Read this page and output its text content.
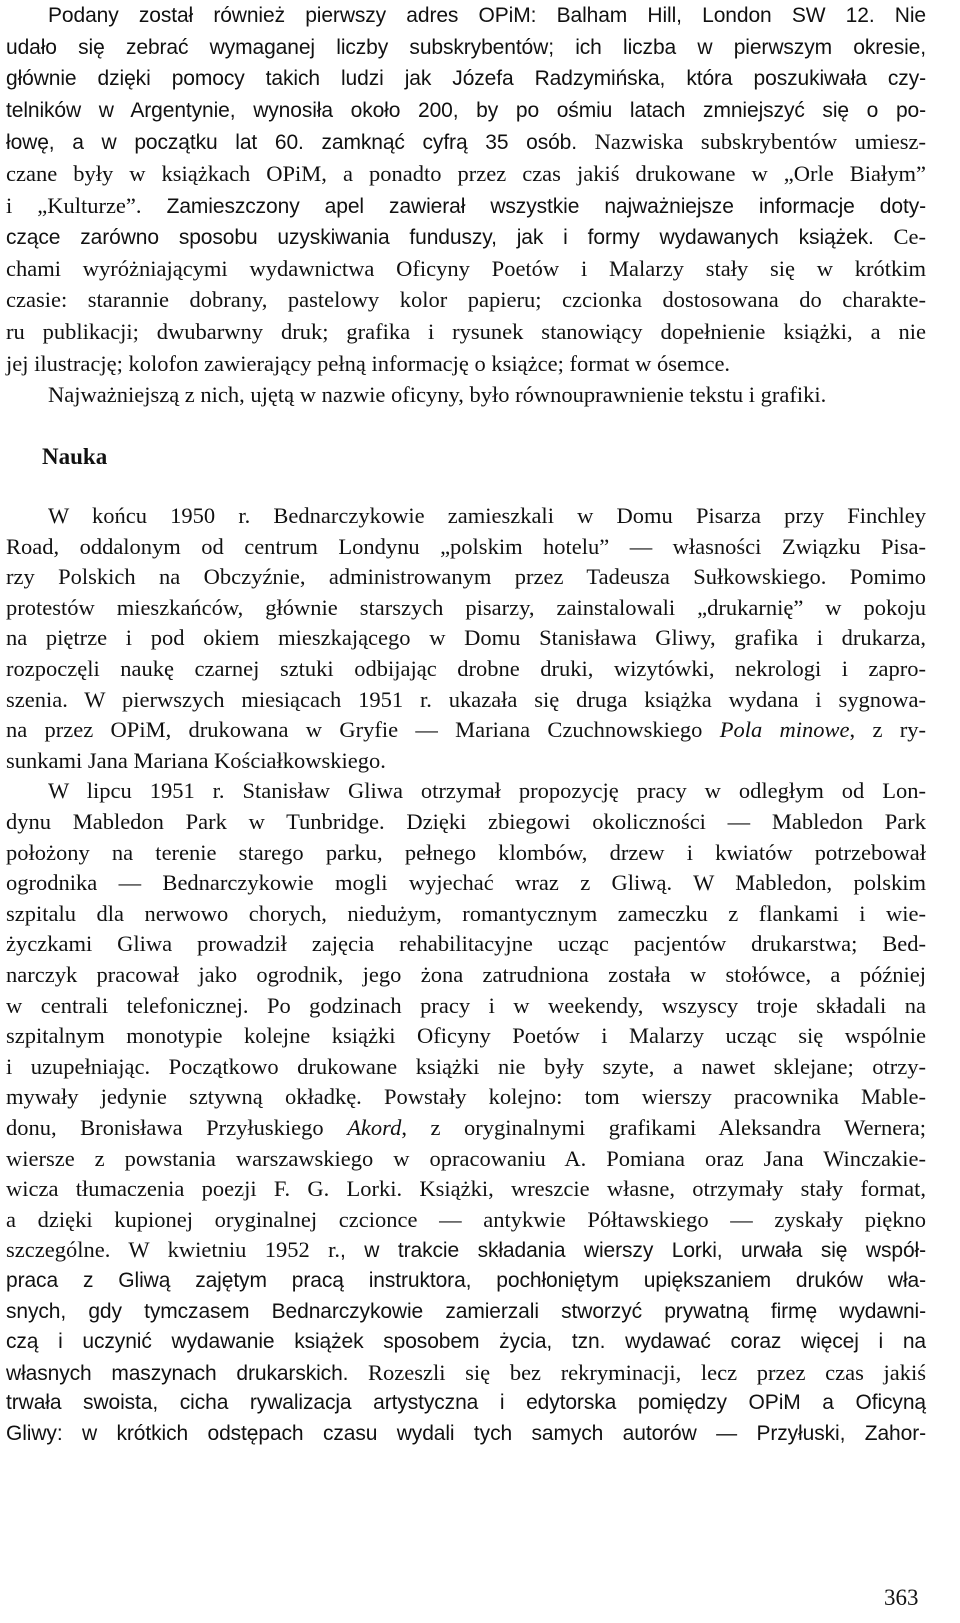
Podany został również pierwszy adres OPiM: Balham Hill, London SW 12. Nie
udało się zebrać wymaganej liczby subskrybentów; ich liczba w pierwszym okresie,
głównie dzięki pomocy takich ludzi jak Józefa Radzymińska, która poszukiwała czy-
telników w Argentynie, wynosiła około 200, by po ośmiu latach zmniejszyć się o po-
łowę, a w początku lat 60. zamknąć cyfrą 35 osób. Nazwiska subskrybentów umiesz-
czane były w książkach OPiM, a ponadto przez czas jakiś drukowane w „Orle Białym”
i „Kulturze”. Zamieszczony apel zawierał wszystkie najważniejsze informacje doty-
czące zarówno sposobu uzyskiwania funduszy, jak i formy wydawanych książek. Ce-
chami wyróżniającymi wydawnictwa Oficyny Poetów i Malarzy stały się w krótkim
czasie: starannie dobrany, pastelowy kolor papieru; czcionka dostosowana do charakte-
ru publikacji; dwubarwny druk; grafika i rysunek stanowiący dopełnienie książki, a nie
jej ilustrację; kolofon zawierający pełną informację o książce; format w ósemce.
Najważniejszą z nich, ujętą w nazwie oficyny, było równouprawnienie tekstu i grafiki.
W końcu 1950 r. Bednarczykowie zamieszkali w Domu Pisarza przy Finchley
Road, oddalonym od centrum Londynu „polskim hotelu” — własności Związku Pisa-
rzy Polskich na Obczyźnie, administrowanym przez Tadeusza Sułkowskiego. Pomimo
protestów mieszkańców, głównie starszych pisarzy, zainstalowali „drukarnię” w pokoju
na piętrze i pod okiem mieszkającego w Domu Stanisława Gliwy, grafika i drukarza,
rozpoczęli naukę czarnej sztuki odbijając drobne druki, wizytówki, nekrologi i zapro-
szenia. W pierwszych miesiącach 1951 r. ukazała się druga książka wydana i sygnowa-
na przez OPiM, drukowana w Gryfie — Mariana Czuchnowskiego Pola minowe, z ry-
sunkami Jana Mariana Kościałkowskiego.
W lipcu 1951 r. Stanisław Gliwa otrzymał propozycję pracy w odległym od Lon-
dynu Mabledon Park w Tunbridge. Dzięki zbiegowi okoliczności — Mabledon Park
położony na terenie starego parku, pełnego klombów, drzew i kwiatów potrzebował
ogrodnika — Bednarczykowie mogli wyjechać wraz z Gliwą. W Mabledon, polskim
szpitalu dla nerwowo chorych, niedużym, romantycznym zameczku z flankami i wie-
życzkami Gliwa prowadził zajęcia rehabilitacyjne ucząc pacjentów drukarstwa; Bed-
narczyk pracował jako ogrodnik, jego żona zatrudniona została w stołówce, a później
w centrali telefonicznej. Po godzinach pracy i w weekendy, wszyscy troje składali na
szpitalnym monotypie kolejne książki Oficyny Poetów i Malarzy ucząc się wspólnie
i uzupełniając. Początkowo drukowane książki nie były szyte, a nawet sklejane; otrzy-
mywały jedynie sztywną okładkę. Powstały kolejno: tom wierszy pracownika Mable-
donu, Bronisława Przyłuskiego Akord, z oryginalnymi grafikami Aleksandra Wernera;
wiersze z powstania warszawskiego w opracowaniu A. Pomiana oraz Jana Winczakie-
wicza tłumaczenia poezji F. G. Lorki. Książki, wreszcie własne, otrzymały stały format,
a dzięki kupionej oryginalnej czcionce — antykwie Półtawskiego — zyskały piękno
szczególne. W kwietniu 1952 r., w trakcie składania wierszy Lorki, urwała się współ-
praca z Gliwą zajętym pracą instruktora, pochłoniętym upiększaniem druków wła-
snych, gdy tymczasem Bednarczykowie zamierzali stworzyć prywatną firmę wydawni-
czą i uczynić wydawanie książek sposobem życia, tzn. wydawać coraz więcej i na
własnych maszynach drukarskich. Rozeszli się bez rekryminacji, lecz przez czas jakiś
trwała swoista, cicha rywalizacja artystyczna i edytorska pomiędzy OPiM a Oficyną
Gliwy: w krótkich odstępach czasu wydali tych samych autorów — Przyłuski, Zahor-
Nauka
363
